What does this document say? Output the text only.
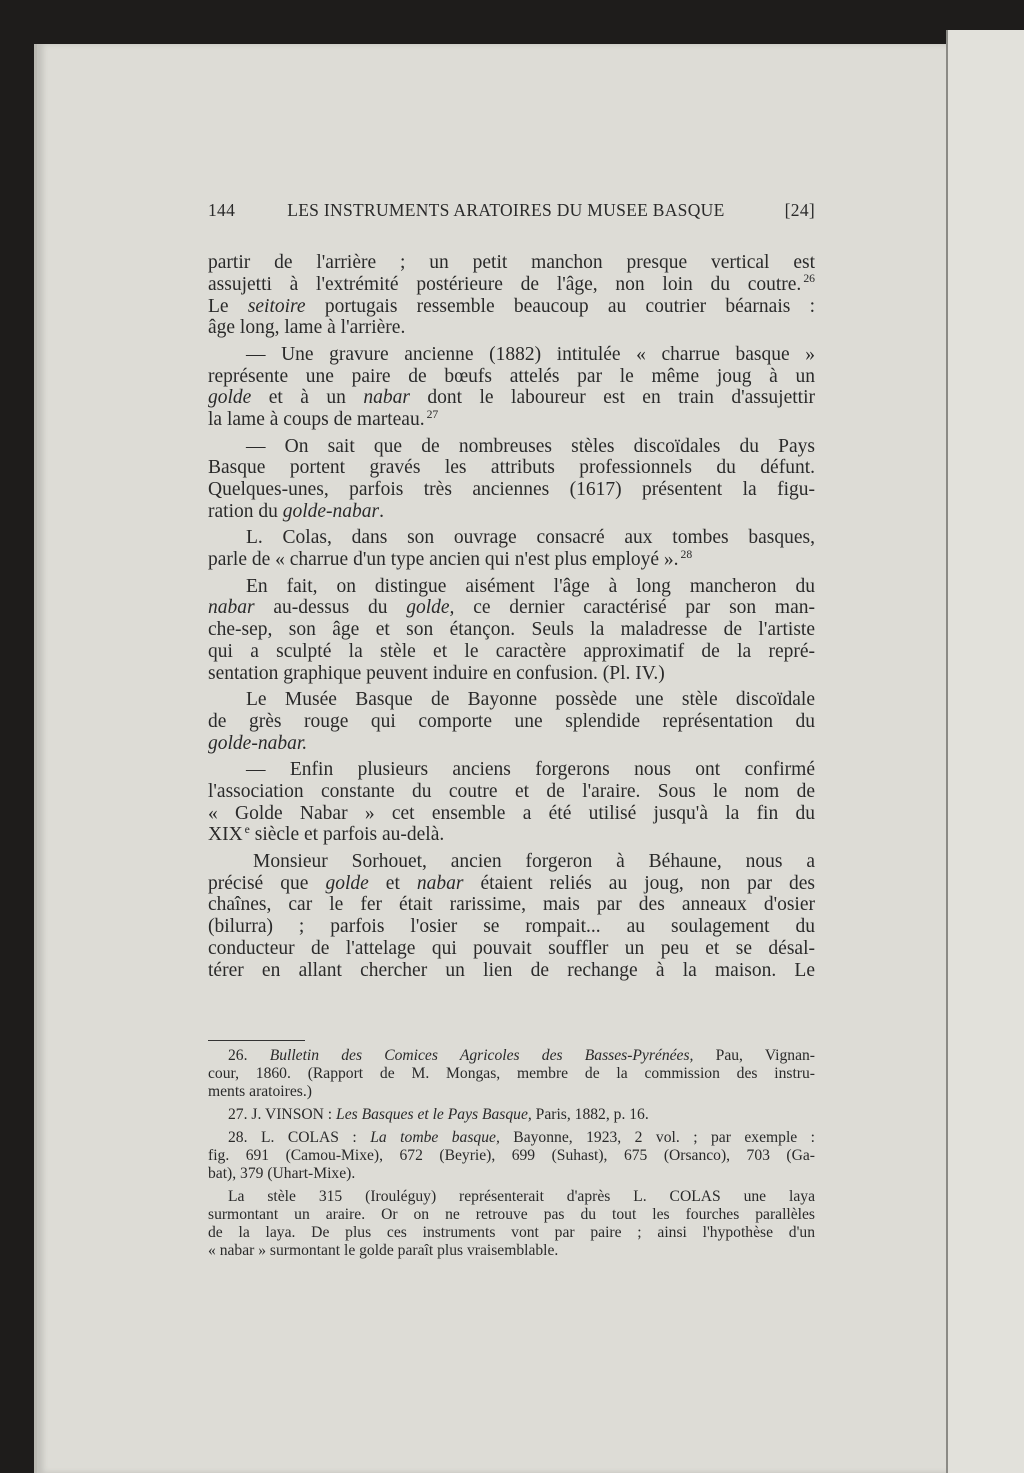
144	LES INSTRUMENTS ARATOIRES DU MUSEE BASQUE	[24]
partir de l'arrière ; un petit manchon presque vertical est
assujetti à l'extrémité postérieure de l'âge, non loin du coutre. $^{26}$
Le seitoire portugais ressemble beaucoup au coutrier béarnais :
âge long, lame à l'arrière.
— Une gravure ancienne (1882) intitulée « charrue basque »
représente une paire de bœufs attelés par le même joug à un
golde et à un nabar dont le laboureur est en train d'assujettir
la lame à coups de marteau. $^{27}$
— On sait que de nombreuses stèles discoïdales du Pays
Basque portent gravés les attributs professionnels du défunt.
Quelques-unes, parfois très anciennes (1617) présentent la figu-
ration du golde-nabar.
L. Colas, dans son ouvrage consacré aux tombes basques,
parle de « charrue d'un type ancien qui n'est plus employé ». $^{28}$
En fait, on distingue aisément l'âge à long mancheron du
nabar au-dessus du golde, ce dernier caractérisé par son man-
che-sep, son âge et son étançon. Seuls la maladresse de l'artiste
qui a sculpté la stèle et le caractère approximatif de la repré-
sentation graphique peuvent induire en confusion. (Pl. IV.)
Le Musée Basque de Bayonne possède une stèle discoïdale
de grès rouge qui comporte une splendide représentation du
golde-nabar.
— Enfin plusieurs anciens forgerons nous ont confirmé
l'association constante du coutre et de l'araire. Sous le nom de
« Golde Nabar » cet ensemble a été utilisé jusqu'à la fin du
XIX $^e$ siècle et parfois au-delà.
Monsieur Sorhouet, ancien forgeron à Béhaune, nous a
précisé que golde et nabar étaient reliés au joug, non par des
chaînes, car le fer était rarissime, mais par des anneaux d'osier
(bilurra) ; parfois l'osier se rompait... au soulagement du
conducteur de l'attelage qui pouvait souffler un peu et se désal-
térer en allant chercher un lien de rechange à la maison. Le
26. Bulletin des Comices Agricoles des Basses-Pyrénées, Pau, Vignan-
cour, 1860. (Rapport de M. Mongas, membre de la commission des instru-
ments aratoires.)
27. J. VINSON : Les Basques et le Pays Basque, Paris, 1882, p. 16.
28. L. COLAS : La tombe basque, Bayonne, 1923, 2 vol. ; par exemple :
fig. 691 (Camou-Mixe), 672 (Beyrie), 699 (Suhast), 675 (Orsanco), 703 (Ga-
bat), 379 (Uhart-Mixe).
La stèle 315 (Irouléguy) représenterait d'après L. COLAS une laya
surmontant un araire. Or on ne retrouve pas du tout les fourches parallèles
de la laya. De plus ces instruments vont par paire ; ainsi l'hypothèse d'un
« nabar » surmontant le golde paraît plus vraisemblable.
